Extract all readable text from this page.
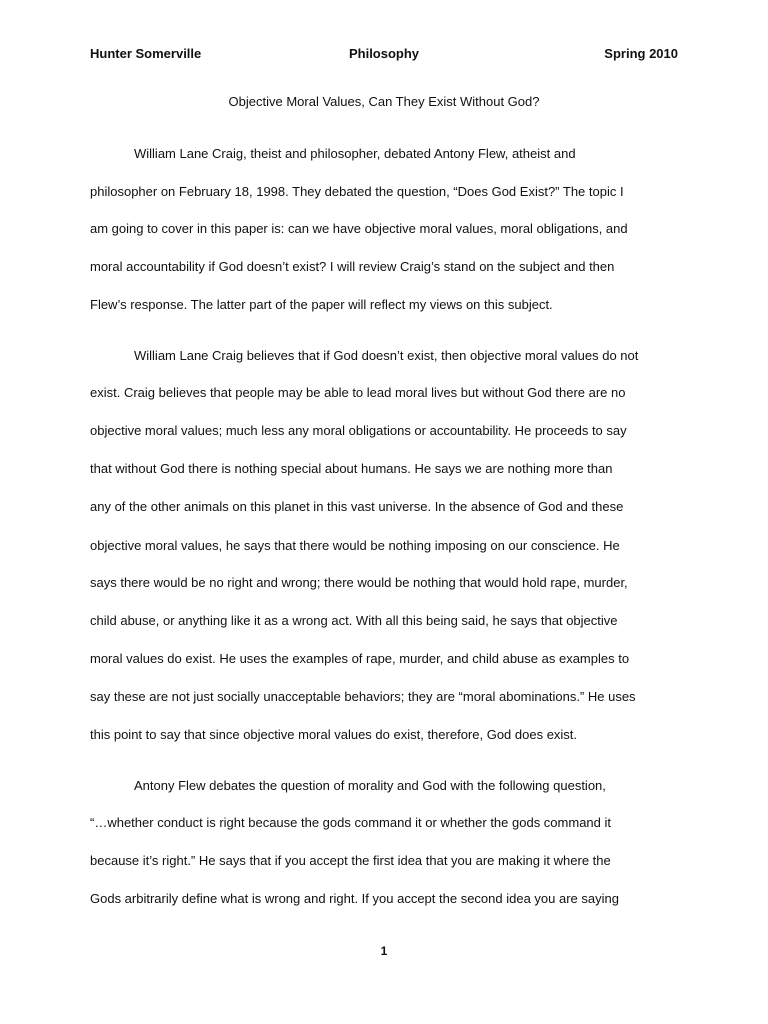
Hunter Somerville	Philosophy	Spring 2010
Objective Moral Values, Can They Exist Without God?
William Lane Craig, theist and philosopher, debated Antony Flew, atheist and
philosopher on February 18, 1998. They debated the question, “Does God Exist?” The topic I
am going to cover in this paper is: can we have objective moral values, moral obligations, and
moral accountability if God doesn’t exist? I will review Craig’s stand on the subject and then
Flew’s response. The latter part of the paper will reflect my views on this subject.
William Lane Craig believes that if God doesn’t exist, then objective moral values do not
exist. Craig believes that people may be able to lead moral lives but without God there are no
objective moral values; much less any moral obligations or accountability. He proceeds to say
that without God there is nothing special about humans. He says we are nothing more than
any of the other animals on this planet in this vast universe. In the absence of God and these
objective moral values, he says that there would be nothing imposing on our conscience. He
says there would be no right and wrong; there would be nothing that would hold rape, murder,
child abuse, or anything like it as a wrong act. With all this being said, he says that objective
moral values do exist. He uses the examples of rape, murder, and child abuse as examples to
say these are not just socially unacceptable behaviors; they are “moral abominations.” He uses
this point to say that since objective moral values do exist, therefore, God does exist.
Antony Flew debates the question of morality and God with the following question,
“…whether conduct is right because the gods command it or whether the gods command it
because it’s right.” He says that if you accept the first idea that you are making it where the
Gods arbitrarily define what is wrong and right. If you accept the second idea you are saying
1
